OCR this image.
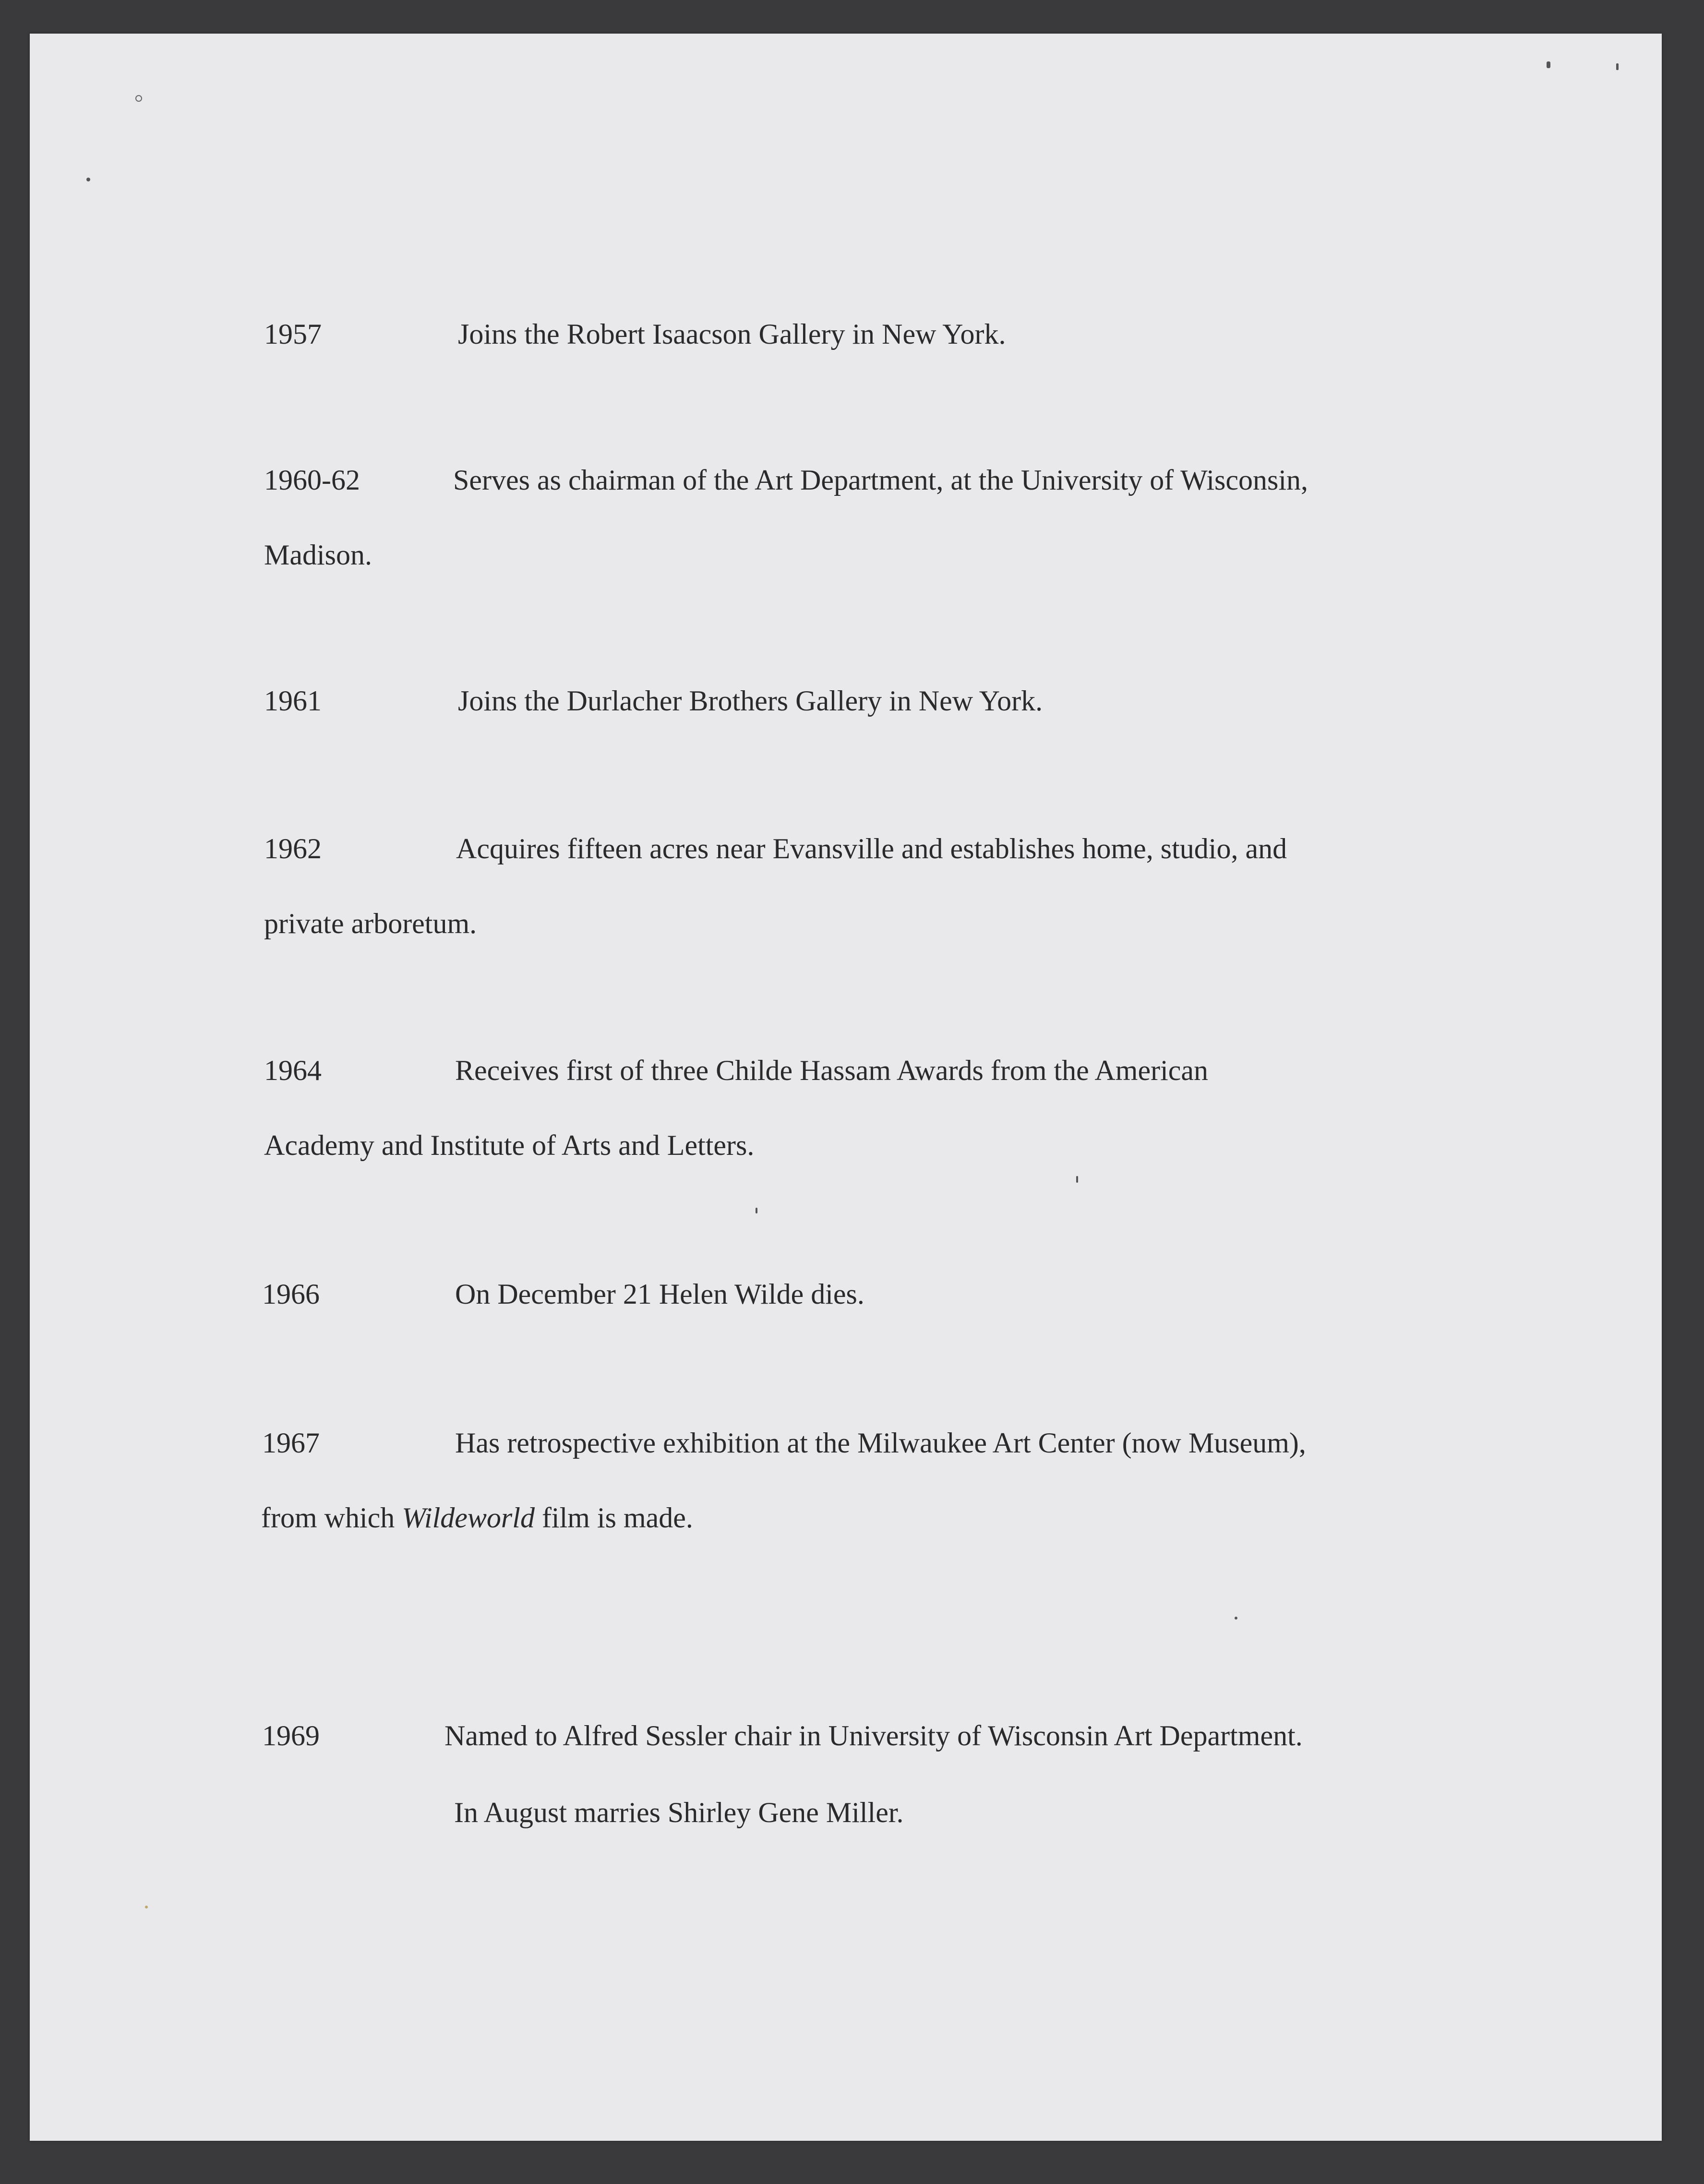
1957	Joins the Robert Isaacson Gallery in New York.
1960-62	Serves as chairman of the Art Department, at the University of Wisconsin,
Madison.
1961	Joins the Durlacher Brothers Gallery in New York.
1962	Acquires fifteen acres near Evansville and establishes home, studio, and
private arboretum.
1964	Receives first of three Childe Hassam Awards from the American
Academy and Institute of Arts and Letters.
1966	On December 21 Helen Wilde dies.
1967	Has retrospective exhibition at the Milwaukee Art Center (now Museum),
from which Wildeworld film is made.
1969	Named to Alfred Sessler chair in University of Wisconsin Art Department.
In August marries Shirley Gene Miller.
